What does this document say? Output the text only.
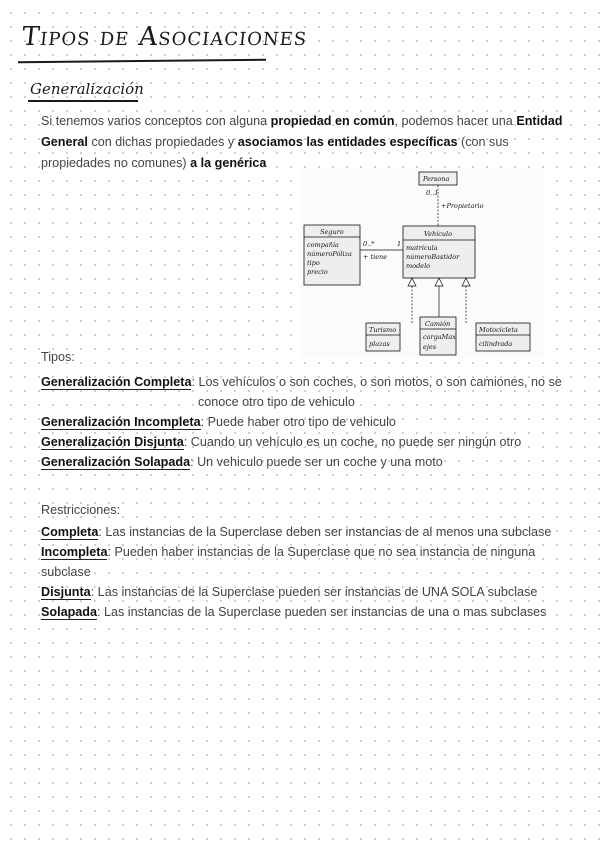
Tipos de Asociaciones
Generalización
Si tenemos varios conceptos con alguna propiedad en común, podemos hacer una Entidad General con dichas propiedades y asociamos las entidades específicas (con sus propiedades no comunes) a la genérica
Persona
0..1
+Propietario
Seguro
compañía
númeroPóliza
tipo
precio
0..*
+ tiene
1
Vehículo
matrícula
númeroBastidor
modelo
Turismo
plazas
Camión
cargaMax
ejes
Motocicleta
cilindrada
Tipos:
Generalización Completa: Los vehículos o son coches, o son motos, o son camiones, no se
conoce otro tipo de vehiculo
Generalización Incompleta: Puede haber otro tipo de vehiculo
Generalización Disjunta: Cuando un vehículo es un coche, no puede ser ningún otro
Generalización Solapada: Un vehiculo puede ser un coche y una moto
Restricciones:
Completa: Las instancias de la Superclase deben ser instancias de al menos una subclase
Incompleta: Pueden haber instancias de la Superclase que no sea instancia de ninguna
subclase
Disjunta: Las instancias de la Superclase pueden ser instancias de UNA SOLA subclase
Solapada: Las instancias de la Superclase pueden ser instancias de una o mas subclases
